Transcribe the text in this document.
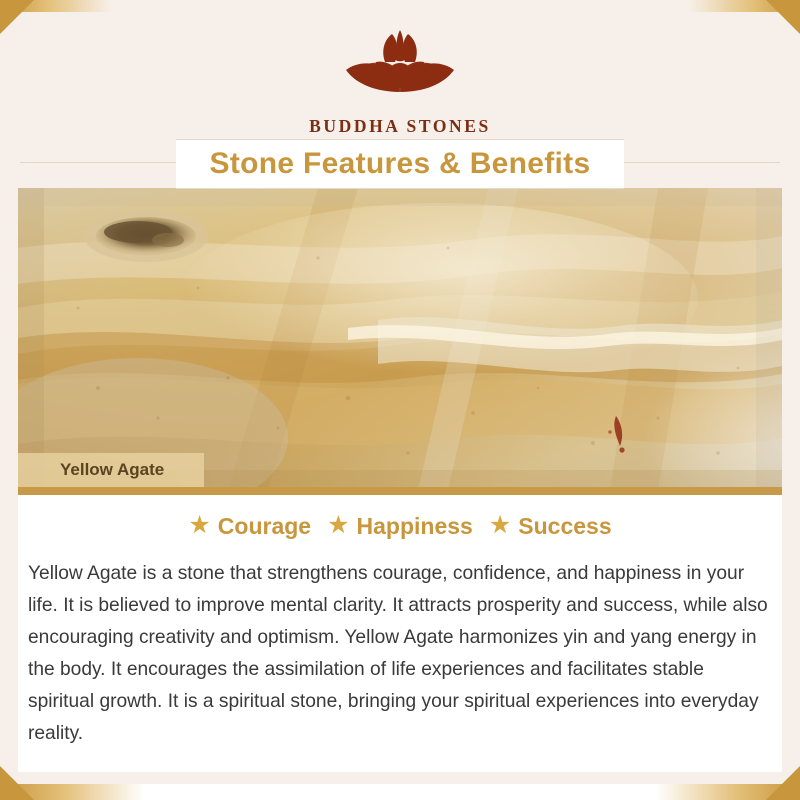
BUDDHA STONES
Stone Features & Benefits
Yellow Agate
★ Courage ★ Happiness ★ Success
Yellow Agate is a stone that strengthens courage, confidence, and happiness in your life. It is believed to improve mental clarity. It attracts prosperity and success, while also encouraging creativity and optimism. Yellow Agate harmonizes yin and yang energy in the body. It encourages the assimilation of life experiences and facilitates stable spiritual growth. It is a spiritual stone, bringing your spiritual experiences into everyday reality.
